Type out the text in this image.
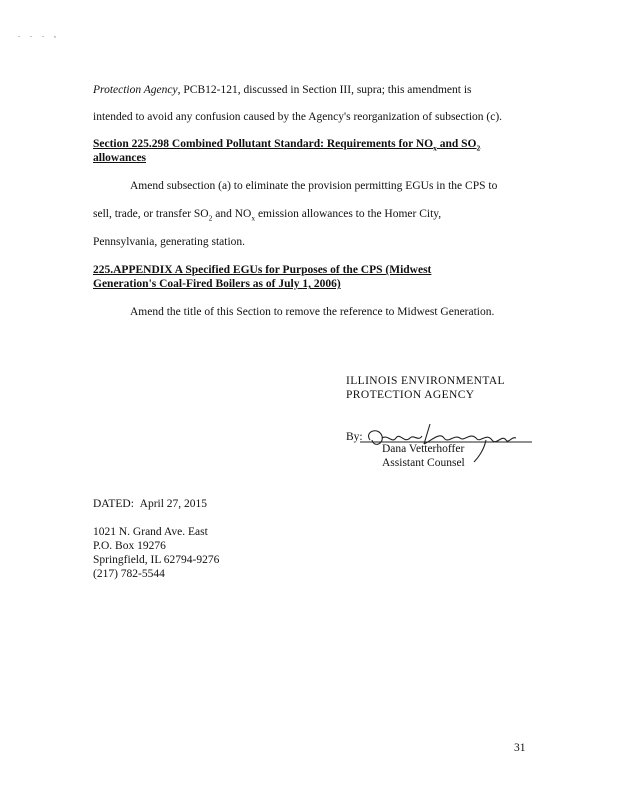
. . . ,
Protection Agency, PCB12-121, discussed in Section III, supra; this amendment is
intended to avoid any confusion caused by the Agency's reorganization of subsection (c).
Section 225.298 Combined Pollutant Standard: Requirements for $NO_x$ and $SO_2$
allowances
Amend subsection (a) to eliminate the provision permitting EGUs in the CPS to
sell, trade, or transfer $SO_2$ and $NO_x$ emission allowances to the Homer City,
Pennsylvania, generating station.
225.APPENDIX A Specified EGUs for Purposes of the CPS (Midwest
Generation's Coal-Fired Boilers as of July 1, 2006)
Amend the title of this Section to remove the reference to Midwest Generation.
ILLINOIS ENVIRONMENTAL
PROTECTION AGENCY
By:
Dana Vetterhoffer
Assistant Counsel
DATED: April 27, 2015
1021 N. Grand Ave. East
P.O. Box 19276
Springfield, IL 62794-9276
(217) 782-5544
31
